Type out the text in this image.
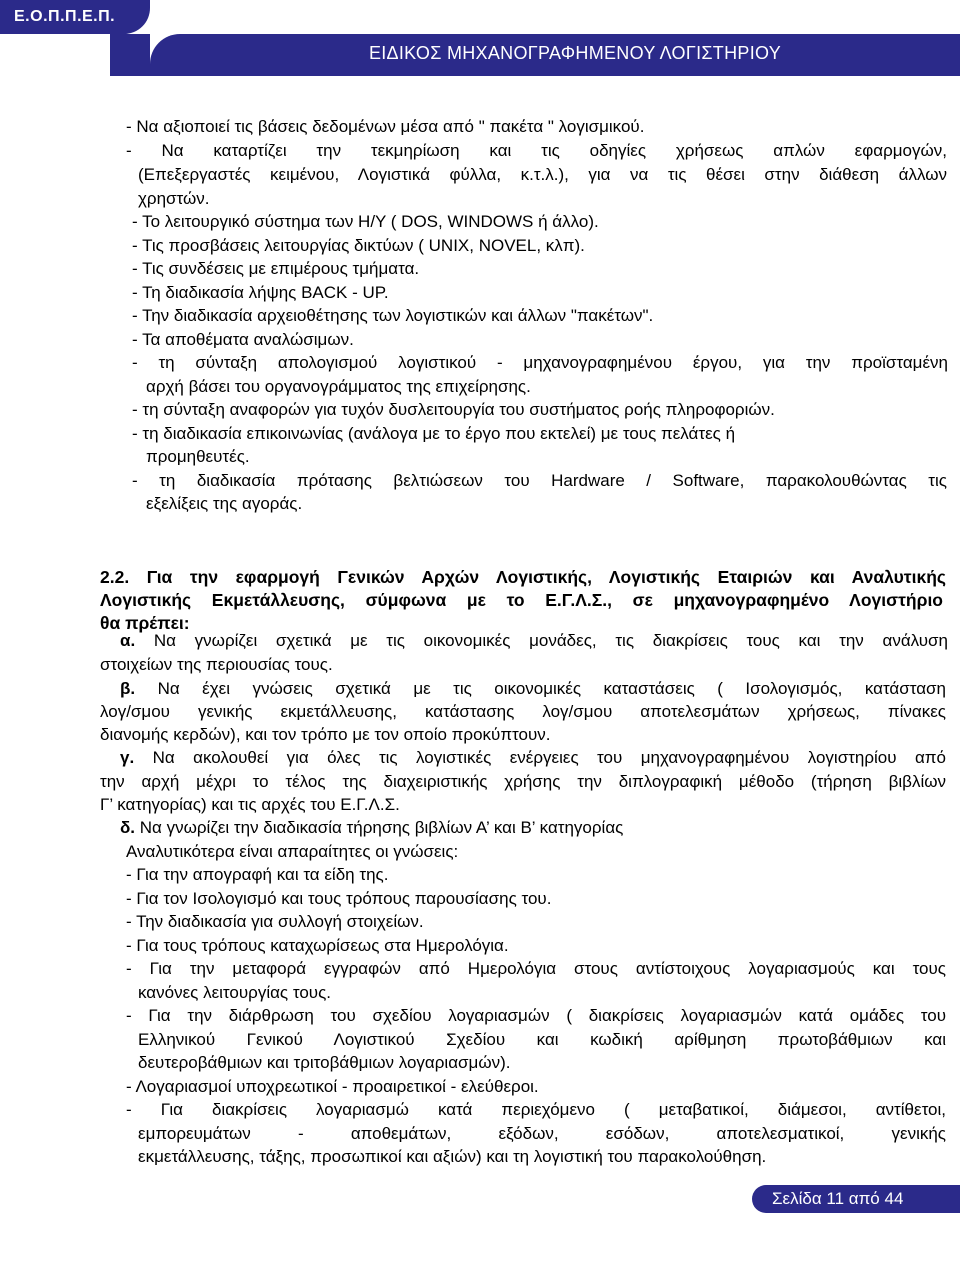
ΕΙΔΙΚΟΣ ΜΗΧΑΝΟΓΡΑΦΗΜΕΝΟΥ ΛΟΓΙΣΤΗΡΙΟΥ
Ε.Ο.Π.Π.Ε.Π.
- Να αξιοποιεί τις βάσεις δεδομένων μέσα από " πακέτα " λογισμικού.
- Να καταρτίζει την τεκμηρίωση και τις οδηγίες χρήσεως απλών εφαρμογών,
(Επεξεργαστές κειμένου, Λογιστικά φύλλα, κ.τ.λ.), για να τις θέσει στην διάθεση άλλων
χρηστών.
- Το λειτουργικό σύστημα των Η/Υ ( DOS, WINDOWS ή άλλο).
- Τις προσβάσεις λειτουργίας δικτύων ( UNIX, NOVEL, κλπ).
- Τις συνδέσεις με επιμέρους τμήματα.
- Τη διαδικασία λήψης BACK - UP.
- Την διαδικασία αρχειοθέτησης των λογιστικών και άλλων "πακέτων".
- Τα αποθέματα αναλώσιμων.
- τη σύνταξη απολογισμού λογιστικού - μηχανογραφημένου έργου, για την προϊσταμένη
αρχή βάσει του οργανογράμματος της επιχείρησης.
- τη σύνταξη αναφορών για τυχόν δυσλειτουργία του συστήματος ροής πληροφοριών.
- τη διαδικασία επικοινωνίας (ανάλογα με το έργο που εκτελεί) με τους πελάτες ή
προμηθευτές.
- τη διαδικασία πρότασης βελτιώσεων του Hardware / Software, παρακολουθώντας τις
εξελίξεις της αγοράς.
2.2. Για την εφαρμογή Γενικών Αρχών Λογιστικής, Λογιστικής Εταιριών και Αναλυτικής
Λογιστικής Εκμετάλλευσης, σύμφωνα με το Ε.Γ.Λ.Σ., σε μηχανογραφημένο Λογιστήριο
θα πρέπει:
α. Να γνωρίζει σχετικά με τις οικονομικές μονάδες, τις διακρίσεις τους και την ανάλυση
στοιχείων της περιουσίας τους.
β. Να έχει γνώσεις σχετικά με τις οικονομικές καταστάσεις ( Ισολογισμός, κατάσταση
λογ/σμου γενικής εκμετάλλευσης, κατάστασης λογ/σμου αποτελεσμάτων χρήσεως, πίνακες
διανομής κερδών), και τον τρόπο με τον οποίο προκύπτουν.
γ. Να ακολουθεί για όλες τις λογιστικές ενέργειες του μηχανογραφημένου λογιστηρίου από
την αρχή μέχρι το τέλος της διαχειριστικής χρήσης την διπλογραφική μέθοδο (τήρηση βιβλίων
Γ’ κατηγορίας) και τις αρχές του Ε.Γ.Λ.Σ.
δ. Να γνωρίζει την διαδικασία τήρησης βιβλίων Α’ και Β’ κατηγορίας
Αναλυτικότερα είναι απαραίτητες οι γνώσεις:
- Για την απογραφή και τα είδη της.
- Για τον Ισολογισμό και τους τρόπους παρουσίασης του.
- Την διαδικασία για συλλογή στοιχείων.
- Για τους τρόπους καταχωρίσεως στα Ημερολόγια.
- Για την μεταφορά εγγραφών από Ημερολόγια στους αντίστοιχους λογαριασμούς και τους
κανόνες λειτουργίας τους.
- Για την διάρθρωση του σχεδίου λογαριασμών ( διακρίσεις λογαριασμών κατά ομάδες του
Ελληνικού Γενικού Λογιστικού Σχεδίου και κωδική αρίθμηση πρωτοβάθμιων και
δευτεροβάθμιων και τριτοβάθμιων λογαριασμών).
- Λογαριασμοί υποχρεωτικοί - προαιρετικοί - ελεύθεροι.
- Για διακρίσεις λογαριασμώ κατά περιεχόμενο ( μεταβατικοί, διάμεσοι, αντίθετοι,
εμπορευμάτων - αποθεμάτων, εξόδων, εσόδων, αποτελεσματικοί, γενικής
εκμετάλλευσης, τάξης, προσωπικοί και αξιών) και τη λογιστική του παρακολούθηση.
Σελίδα 11 από 44
